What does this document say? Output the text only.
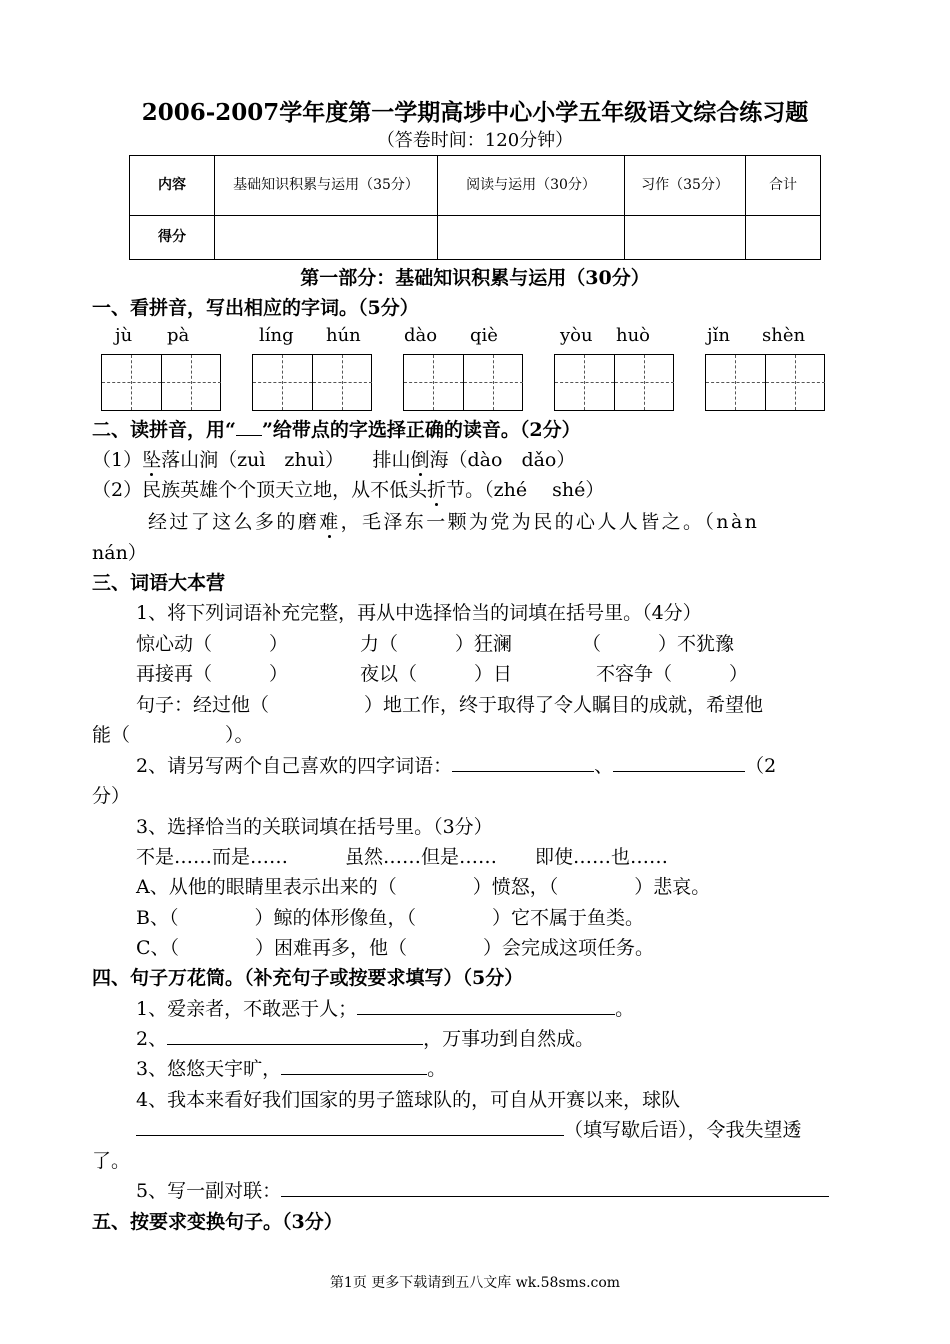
2006-2007学年度第一学期高埗中心小学五年级语文综合练习题
（答卷时间：120分钟）
内容	基础知识积累与运用（35分）	阅读与运用（30分）	习作（35分）	合计
得分				
第一部分：基础知识积累与运用（30分）
一、看拼音，写出相应的字词。（5分）
jù pà	líng hún dào qiè	yòu huò	jǐn shèn
二、读拼音，用“ ”给带点的字选择正确的读音。（2分）
（1）坠落山涧（zuì　zhuì）　　排山倒海（dào　dǎo）
（2）民族英雄个个顶天立地，从不低头折节。（zhé　 shé）
经过了这么多的磨难，毛泽东一颗为党为民的心人人皆之。（nàn
nán）
三、词语大本营
1、将下列词语补充完整，再从中选择恰当的词填在括号里。（4分）
惊心动（　　　）	力（　　　）狂澜	（　　　）不犹豫
再接再（　　　）	夜以（　　　）日	不容争（　　　）
句子：经过他（　　　　　）地工作，终于取得了令人瞩目的成就，希望他
能（　　　　　）。
2、请另写两个自己喜欢的四字词语：	、	（2
分）
3、选择恰当的关联词填在括号里。（3分）
不是……而是……　　　虽然……但是……　　即使……也……
A、从他的眼睛里表示出来的（　　　　）愤怒，（　　　　）悲哀。
B、（　　　　）鲸的体形像鱼，（　　　　）它不属于鱼类。
C、（　　　　）困难再多，他（　　　　）会完成这项任务。
四、句子万花筒。（补充句子或按要求填写）（5分）
1、爱亲者，不敢恶于人；	。
2、	，万事功到自然成。
3、悠悠天宇旷，	。
4、我本来看好我们国家的男子篮球队的，可自从开赛以来，球队
（填写歇后语），令我失望透
了。
5、写一副对联：
五、按要求变换句子。（3分）
第1页 更多下载请到五八文库 wk.58sms.com
